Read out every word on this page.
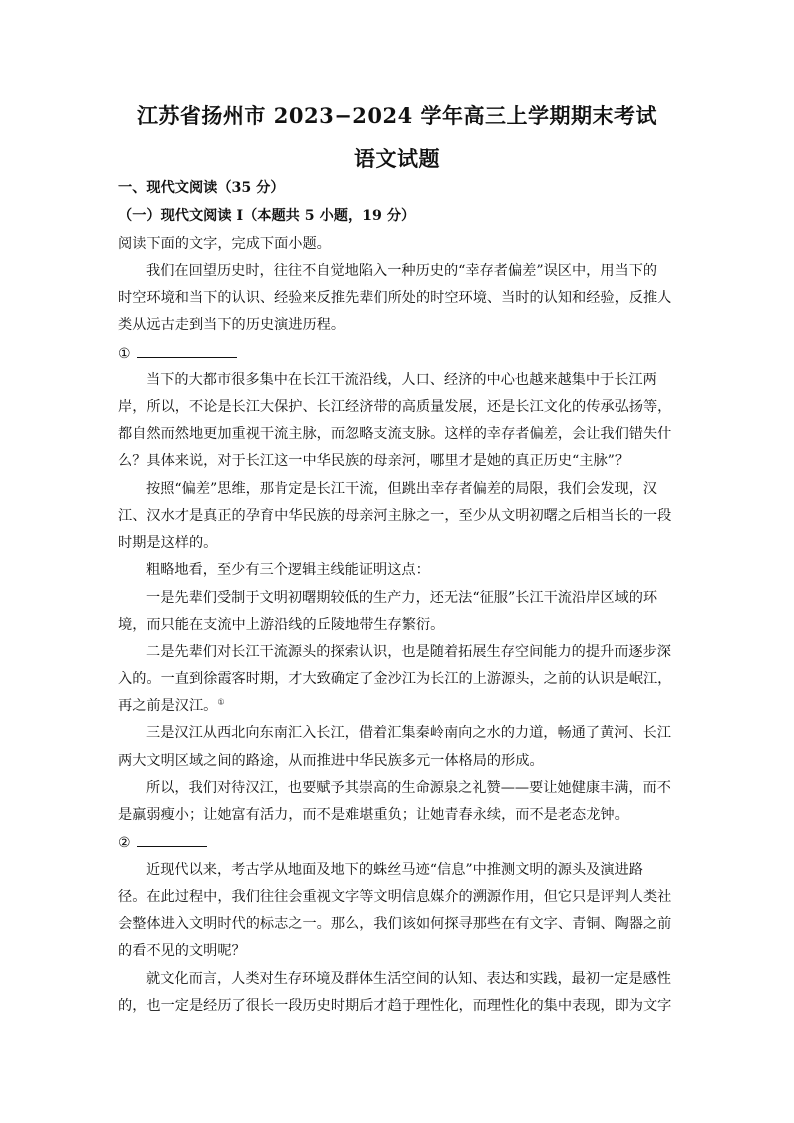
江苏省扬州市 2023−2024 学年高三上学期期末考试
语文试题
一、现代文阅读（35 分）
（一）现代文阅读 I（本题共 5 小题，19 分）
阅读下面的文字，完成下面小题。
我们在回望历史时，往往不自觉地陷入一种历史的“幸存者偏差”误区中，用当下的
时空环境和当下的认识、经验来反推先辈们所处的时空环境、当时的认知和经验，反推人
类从远古走到当下的历史演进历程。
①
当下的大都市很多集中在长江干流沿线，人口、经济的中心也越来越集中于长江两
岸，所以，不论是长江大保护、长江经济带的高质量发展，还是长江文化的传承弘扬等，
都自然而然地更加重视干流主脉，而忽略支流支脉。这样的幸存者偏差，会让我们错失什
么？具体来说，对于长江这一中华民族的母亲河，哪里才是她的真正历史“主脉”？
按照“偏差”思维，那肯定是长江干流，但跳出幸存者偏差的局限，我们会发现，汉
江、汉水才是真正的孕育中华民族的母亲河主脉之一，至少从文明初曙之后相当长的一段
时期是这样的。
粗略地看，至少有三个逻辑主线能证明这点：
一是先辈们受制于文明初曙期较低的生产力，还无法“征服”长江干流沿岸区域的环
境，而只能在支流中上游沿线的丘陵地带生存繁衍。
二是先辈们对长江干流源头的探索认识，也是随着拓展生存空间能力的提升而逐步深
入的。一直到徐霞客时期，才大致确定了金沙江为长江的上游源头，之前的认识是岷江，
再之前是汉江。①
三是汉江从西北向东南汇入长江，借着汇集秦岭南向之水的力道，畅通了黄河、长江
两大文明区域之间的路途，从而推进中华民族多元一体格局的形成。
所以，我们对待汉江，也要赋予其崇高的生命源泉之礼赞——要让她健康丰满，而不
是羸弱瘦小；让她富有活力，而不是难堪重负；让她青春永续，而不是老态龙钟。
②
近现代以来，考古学从地面及地下的蛛丝马迹“信息”中推测文明的源头及演进路
径。在此过程中，我们往往会重视文字等文明信息媒介的溯源作用，但它只是评判人类社
会整体进入文明时代的标志之一。那么，我们该如何探寻那些在有文字、青铜、陶器之前
的看不见的文明呢？
就文化而言，人类对生存环境及群体生活空间的认知、表达和实践，最初一定是感性
的，也一定是经历了很长一段历史时期后才趋于理性化，而理性化的集中表现，即为文字
